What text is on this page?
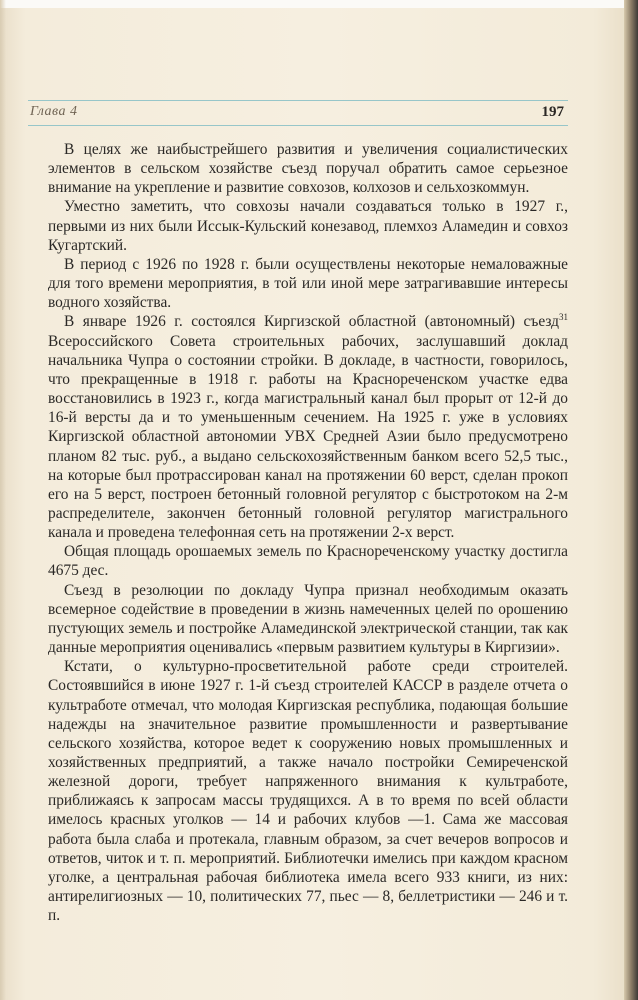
Глава 4	197

В целях же наибыстрейшего развития и увеличения социалистических элементов в сельском хозяйстве съезд поручал обратить самое серьезное внимание на укрепление и развитие совхозов, колхозов и сельхозкоммун.

Уместно заметить, что совхозы начали создаваться только в 1927 г., первыми из них были Иссык-Кульский конезавод, племхоз Аламедин и совхоз Кугартский.

В период с 1926 по 1928 г. были осуществлены некоторые немаловажные для того времени мероприятия, в той или иной мере затрагивавшие интересы водного хозяйства.

В январе 1926 г. состоялся Киргизской областной (автономный) съезд$^{31}$ Всероссийского Совета строительных рабочих, заслушавший доклад начальника Чупра о состоянии стройки. В докладе, в частности, говорилось, что прекращенные в 1918 г. работы на Краснореченском участке едва восстановились в 1923 г., когда магистральный канал был прорыт от 12-й до 16-й версты да и то уменьшенным сечением. На 1925 г. уже в условиях Киргизской областной автономии УВХ Средней Азии было предусмотрено планом 82 тыс. руб., а выдано сельскохозяйственным банком всего 52,5 тыс., на которые был протрассирован канал на протяжении 60 верст, сделан прокоп его на 5 верст, построен бетонный головной регулятор с быстротоком на 2-м распределителе, закончен бетонный головной регулятор магистрального канала и проведена телефонная сеть на протяжении 2-х верст.

Общая площадь орошаемых земель по Краснореченскому участку достигла 4675 дес.

Съезд в резолюции по докладу Чупра признал необходимым оказать всемерное содействие в проведении в жизнь намеченных целей по орошению пустующих земель и постройке Аламединской электрической станции, так как данные мероприятия оценивались «первым развитием культуры в Киргизии».

Кстати, о культурно-просветительной работе среди строителей. Состоявшийся в июне 1927 г. 1-й съезд строителей КАССР в разделе отчета о культработе отмечал, что молодая Киргизская республика, подающая большие надежды на значительное развитие промышленности и развертывание сельского хозяйства, которое ведет к сооружению новых промышленных и хозяйственных предприятий, а также начало постройки Семиреченской железной дороги, требует напряженного внимания к культработе, приближаясь к запросам массы трудящихся. А в то время по всей области имелось красных уголков — 14 и рабочих клубов —1. Сама же массовая работа была слаба и протекала, главным образом, за счет вечеров вопросов и ответов, читок и т. п. мероприятий. Библиотечки имелись при каждом красном уголке, а центральная рабочая библиотека имела всего 933 книги, из них: антирелигиозных — 10, политических 77, пьес — 8, беллетристики — 246 и т. п.
